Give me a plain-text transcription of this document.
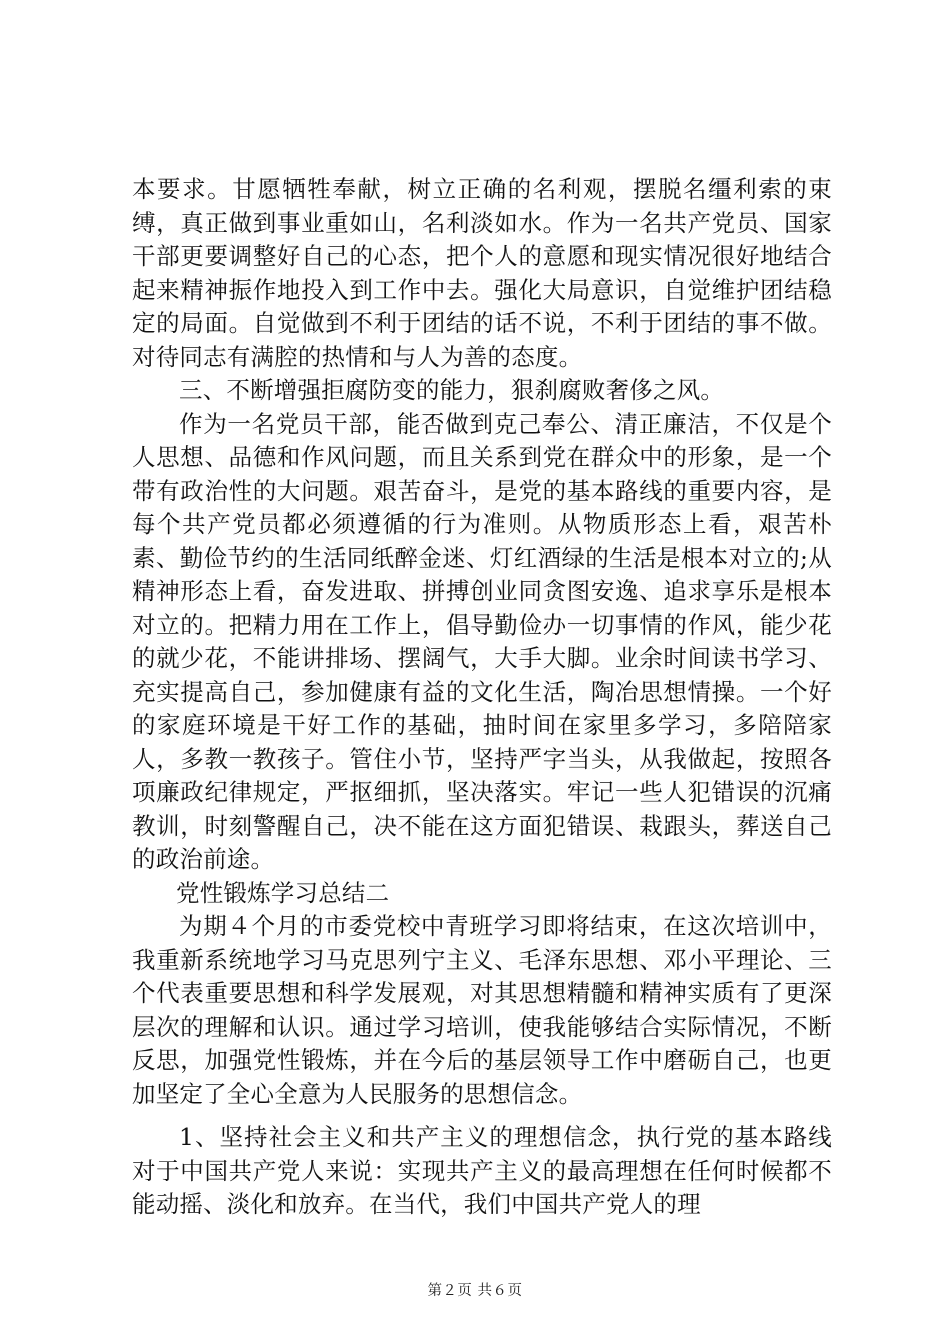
本要求。甘愿牺牲奉献，树立正确的名利观，摆脱名缰利索的束缚，真正做到事业重如山，名利淡如水。作为一名共产党员、国家干部更要调整好自己的心态，把个人的意愿和现实情况很好地结合起来精神振作地投入到工作中去。强化大局意识，自觉维护团结稳定的局面。自觉做到不利于团结的话不说，不利于团结的事不做。对待同志有满腔的热情和与人为善的态度。

三、不断增强拒腐防变的能力，狠刹腐败奢侈之风。

作为一名党员干部，能否做到克己奉公、清正廉洁，不仅是个人思想、品德和作风问题，而且关系到党在群众中的形象，是一个带有政治性的大问题。艰苦奋斗，是党的基本路线的重要内容，是每个共产党员都必须遵循的行为准则。从物质形态上看，艰苦朴素、勤俭节约的生活同纸醉金迷、灯红酒绿的生活是根本对立的;从精神形态上看，奋发进取、拼搏创业同贪图安逸、追求享乐是根本对立的。把精力用在工作上，倡导勤俭办一切事情的作风，能少花的就少花，不能讲排场、摆阔气，大手大脚。业余时间读书学习、充实提高自己，参加健康有益的文化生活，陶冶思想情操。一个好的家庭环境是干好工作的基础，抽时间在家里多学习，多陪陪家人，多教一教孩子。管住小节，坚持严字当头，从我做起，按照各项廉政纪律规定，严抠细抓，坚决落实。牢记一些人犯错误的沉痛教训，时刻警醒自己，决不能在这方面犯错误、栽跟头，葬送自己的政治前途。

党性锻炼学习总结二

为期４个月的市委党校中青班学习即将结束，在这次培训中，我重新系统地学习马克思列宁主义、毛泽东思想、邓小平理论、三个代表重要思想和科学发展观，对其思想精髓和精神实质有了更深层次的理解和认识。通过学习培训，使我能够结合实际情况，不断反思，加强党性锻炼，并在今后的基层领导工作中磨砺自己，也更加坚定了全心全意为人民服务的思想信念。

1、坚持社会主义和共产主义的理想信念，执行党的基本路线对于中国共产党人来说：实现共产主义的最高理想在任何时候都不能动摇、淡化和放弃。在当代，我们中国共产党人的理

第２页 共６页
